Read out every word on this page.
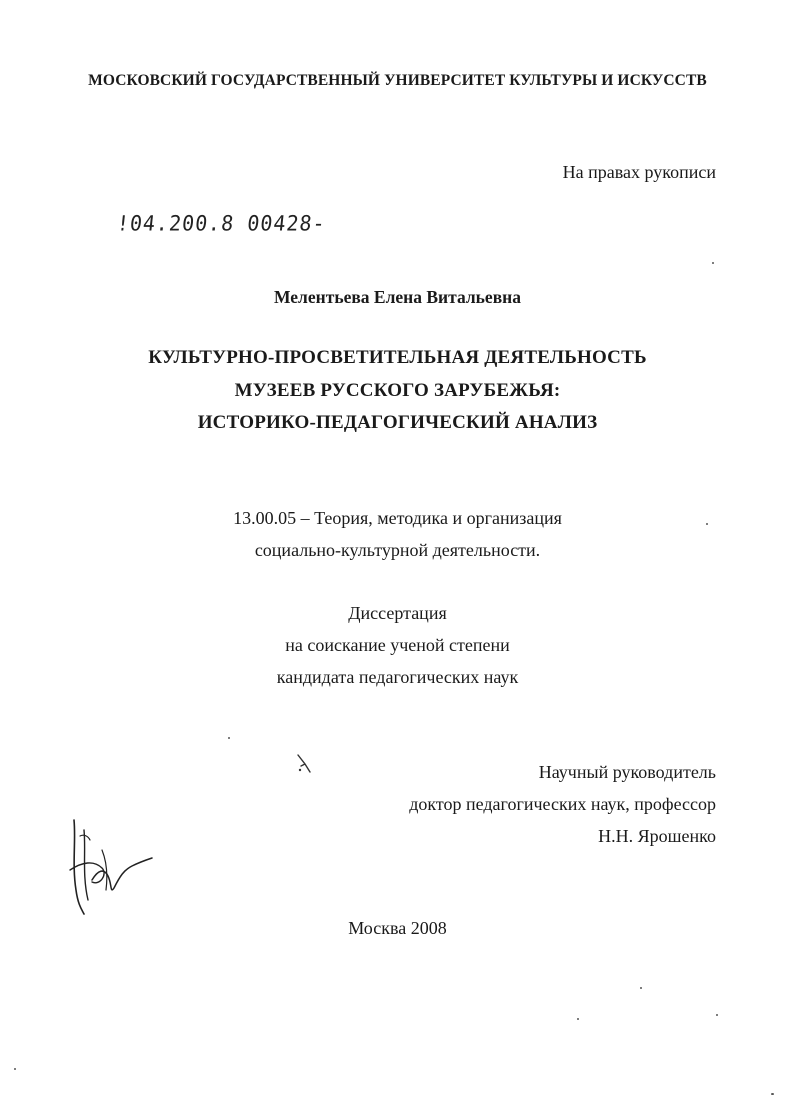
МОСКОВСКИЙ ГОСУДАРСТВЕННЫЙ УНИВЕРСИТЕТ КУЛЬТУРЫ И ИСКУССТВ
На правах рукописи
!04.200.8 00428-
Мелентьева Елена Витальевна
КУЛЬТУРНО-ПРОСВЕТИТЕЛЬНАЯ ДЕЯТЕЛЬНОСТЬ
МУЗЕЕВ РУССКОГО ЗАРУБЕЖЬЯ:
ИСТОРИКО-ПЕДАГОГИЧЕСКИЙ АНАЛИЗ
13.00.05 – Теория, методика и организация
социально-культурной деятельности.
Диссертация
на соискание ученой степени
кандидата педагогических наук
Научный руководитель
доктор педагогических наук, профессор
Н.Н. Ярошенко
Москва 2008
